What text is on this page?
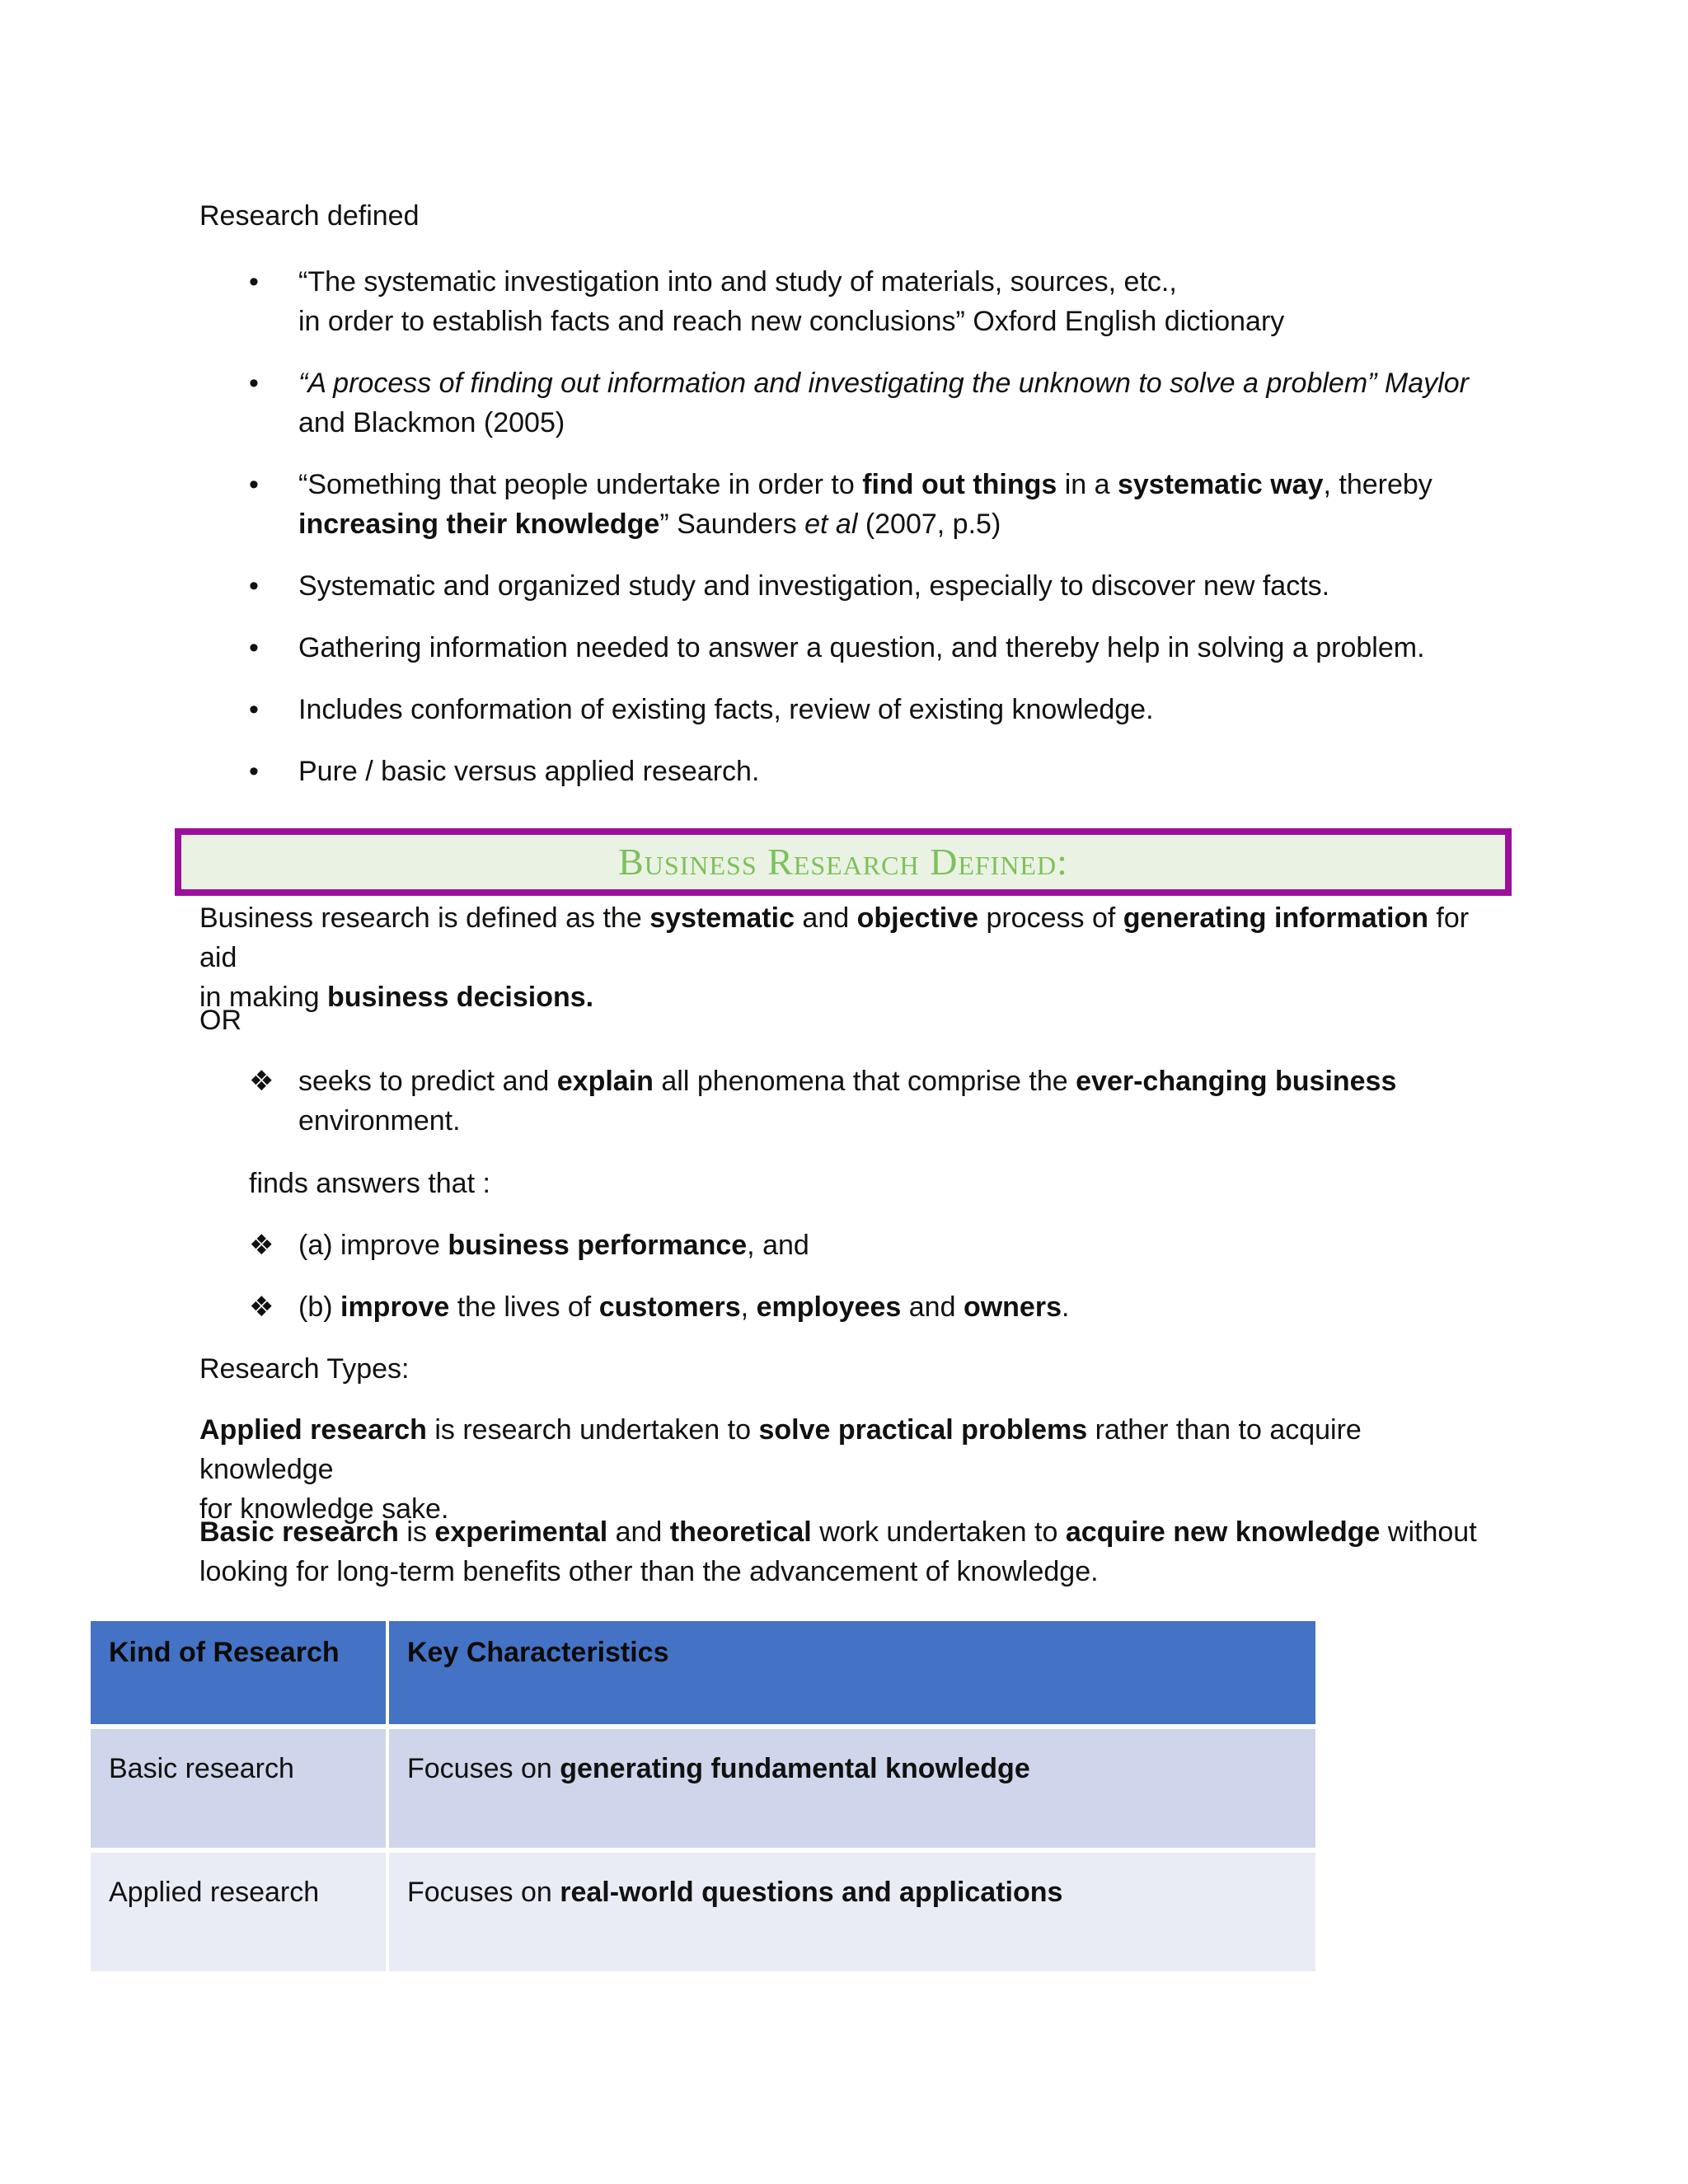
Research defined

• “The systematic investigation into and study of materials, sources, etc.,
in order to establish facts and reach new conclusions” Oxford English dictionary
• “A process of finding out information and investigating the unknown to solve a problem” Maylor
and Blackmon (2005)
• “Something that people undertake in order to find out things in a systematic way, thereby
increasing their knowledge” Saunders et al (2007, p.5)
• Systematic and organized study and investigation, especially to discover new facts.
• Gathering information needed to answer a question, and thereby help in solving a problem.
• Includes conformation of existing facts, review of existing knowledge.
• Pure / basic versus applied research.
Business Research Defined:

Business research is defined as the systematic and objective process of generating information for aid
in making business decisions.

OR

❖ seeks to predict and explain all phenomena that comprise the ever-changing business
environment.

finds answers that :

❖ (a) improve business performance, and
❖ (b) improve the lives of customers, employees and owners.

Research Types:

Applied research is research undertaken to solve practical problems rather than to acquire knowledge
for knowledge sake.

Basic research is experimental and theoretical work undertaken to acquire new knowledge without
looking for long-term benefits other than the advancement of knowledge.

Kind of Research	Key Characteristics
Basic research	Focuses on generating fundamental knowledge
Applied research	Focuses on real-world questions and applications
